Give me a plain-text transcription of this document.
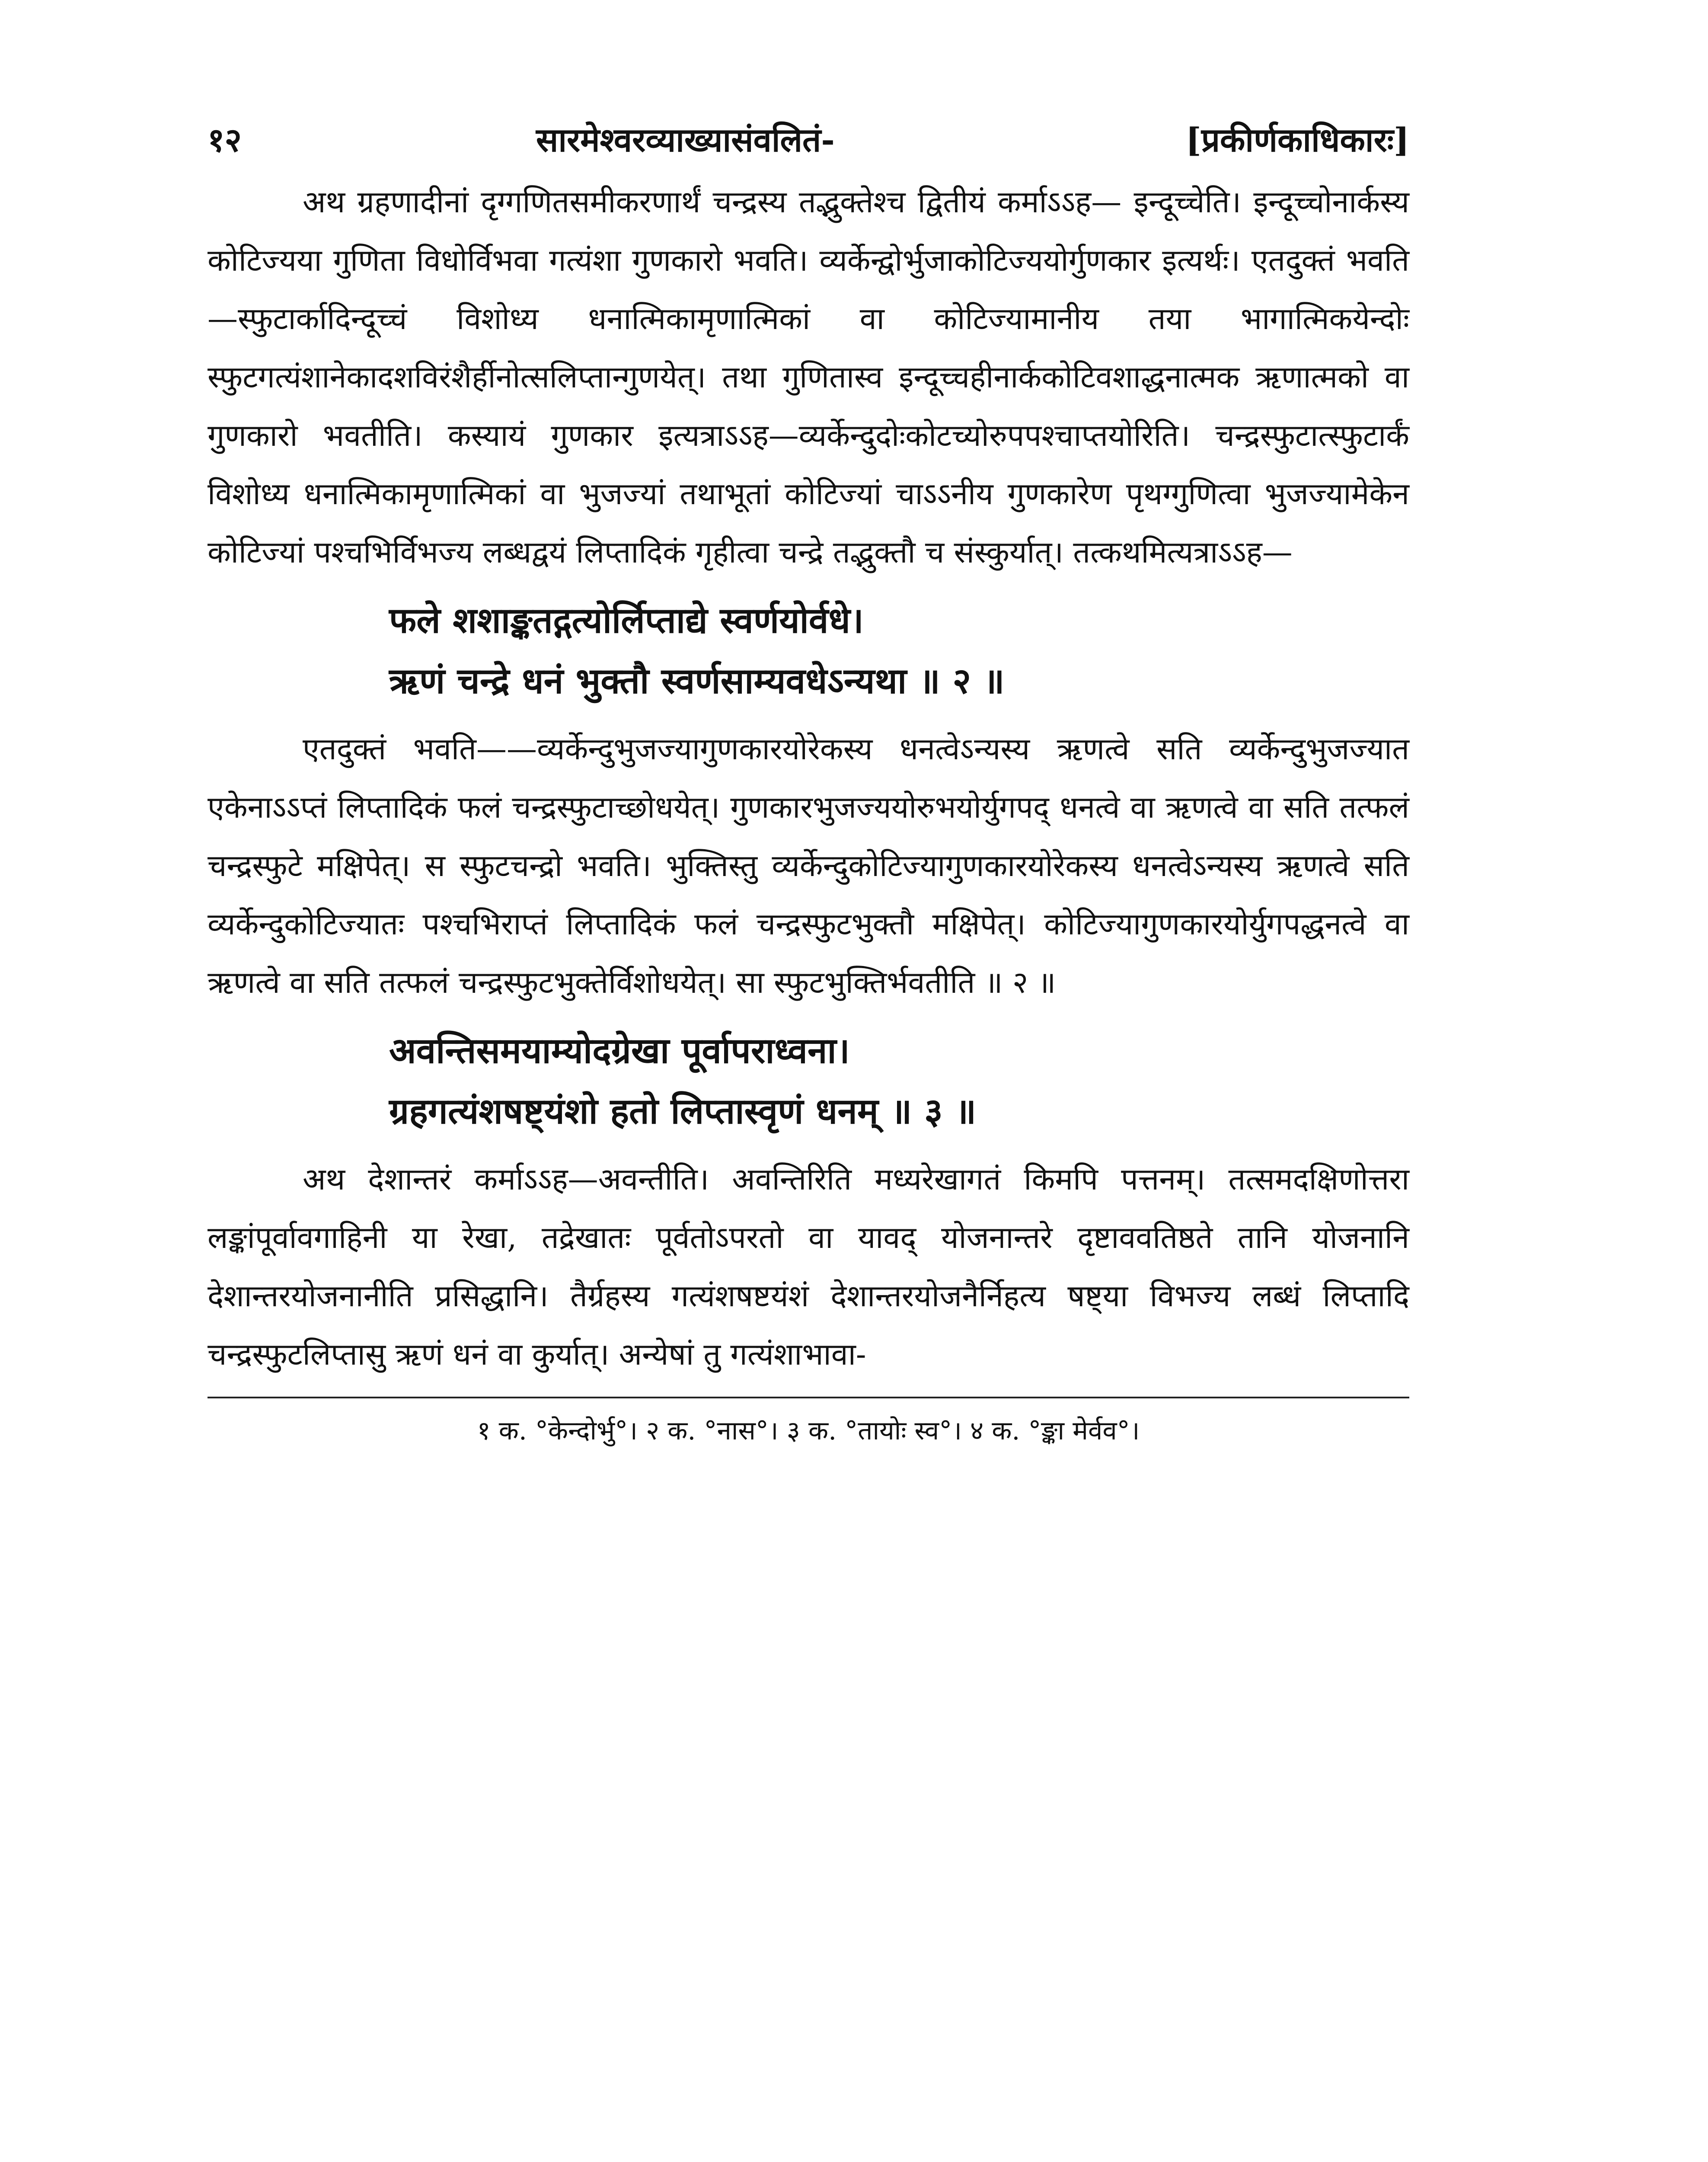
१२	सारमेश्वरव्याख्यासंवलितं-	[प्रकीर्णकाधिकारः]

अथ ग्रहणादीनां दृग्गणितसमीकरणार्थं चन्द्रस्य तद्भुक्तेश्च द्वितीयं कर्माऽऽह— इन्दूच्चेति। इन्दूच्चोनार्कस्य कोटिज्यया गुणिता विधोर्विभवा गत्यंशा गुणकारो भवति। व्यर्केन्द्वोर्भुजाकोटिज्ययोर्गुणकार इत्यर्थः। एतदुक्तं भवति—स्फुटार्कादिन्दूच्चं विशोध्य धनात्मिकामृणात्मिकां वा कोटिज्यामानीय तया भागात्मिकयेन्दोः स्फुटगत्यंशानेकादशविरंशैर्हीनोत्सलिप्तान्गुणयेत्। तथा गुणितास्व इन्दूच्चहीनार्ककोटिवशाद्धनात्मक ऋणात्मको वा गुणकारो भवतीति। कस्यायं गुणकार इत्यत्राऽऽह—व्यर्केन्दुदोःकोटच्योरुपपश्चाप्तयोरिति। चन्द्रस्फुटात्स्फुटार्कं विशोध्य धनात्मिकामृणात्मिकां वा भुजज्यां तथाभूतां कोटिज्यां चाऽऽनीय गुणकारेण पृथग्गुणित्वा भुजज्यामेकेन कोटिज्यां पश्चभिर्विभज्य लब्धद्वयं लिप्तादिकं गृहीत्वा चन्द्रे तद्भुक्तौ च संस्कुर्यात्। तत्कथमित्यत्राऽऽह—

फले शशाङ्कतद्गत्योर्लिप्ताद्ये स्वर्णयोर्वधे।
ऋणं चन्द्रे धनं भुक्तौ स्वर्णसाम्यवधेऽन्यथा ॥ २ ॥

एतदुक्तं भवति——व्यर्केन्दुभुजज्यागुणकारयोरेकस्य धनत्वेऽन्यस्य ऋणत्वे सति व्यर्केन्दुभुजज्यात एकेनाऽऽप्तं लिप्तादिकं फलं चन्द्रस्फुटाच्छोधयेत्। गुणकारभुजज्ययोरुभयोर्युगपद् धनत्वे वा ऋणत्वे वा सति तत्फलं चन्द्रस्फुटे मक्षिपेत्। स स्फुटचन्द्रो भवति। भुक्तिस्तु व्यर्केन्दुकोटिज्यागुणकारयोरेकस्य धनत्वेऽन्यस्य ऋणत्वे सति व्यर्केन्दुकोटिज्यातः पश्चभिराप्तं लिप्तादिकं फलं चन्द्रस्फुटभुक्तौ मक्षिपेत्। कोटिज्यागुणकारयोर्युगपद्धनत्वे वा ऋणत्वे वा सति तत्फलं चन्द्रस्फुटभुक्तेर्विशोधयेत्। सा स्फुटभुक्तिर्भवतीति ॥ २ ॥

अवन्तिसमयाम्योदग्रेखा पूर्वापराध्वना।
ग्रहगत्यंशषष्ट्यंशो हतो लिप्तास्वृणं धनम् ॥ ३ ॥

अथ देशान्तरं कर्माऽऽह—अवन्तीति। अवन्तिरिति मध्यरेखागतं किमपि पत्तनम्। तत्समदक्षिणोत्तरा लङ्कांपूर्वावगाहिनी या रेखा, तद्रेखातः पूर्वतोऽपरतो वा यावद् योजनान्तरे दृष्टाववतिष्ठते तानि योजनानि देशान्तरयोजनानीति प्रसिद्धानि। तैर्ग्रहस्य गत्यंशषष्टयंशं देशान्तरयोजनैर्निहत्य षष्ट्या विभज्य लब्धं लिप्तादि चन्द्रस्फुटलिप्तासु ऋणं धनं वा कुर्यात्। अन्येषां तु गत्यंशाभावा-

१ क. °केन्दोर्भु°। २ क. °नास°। ३ क. °तायोः स्व°। ४ क. °ङ्का मेर्वव°।
